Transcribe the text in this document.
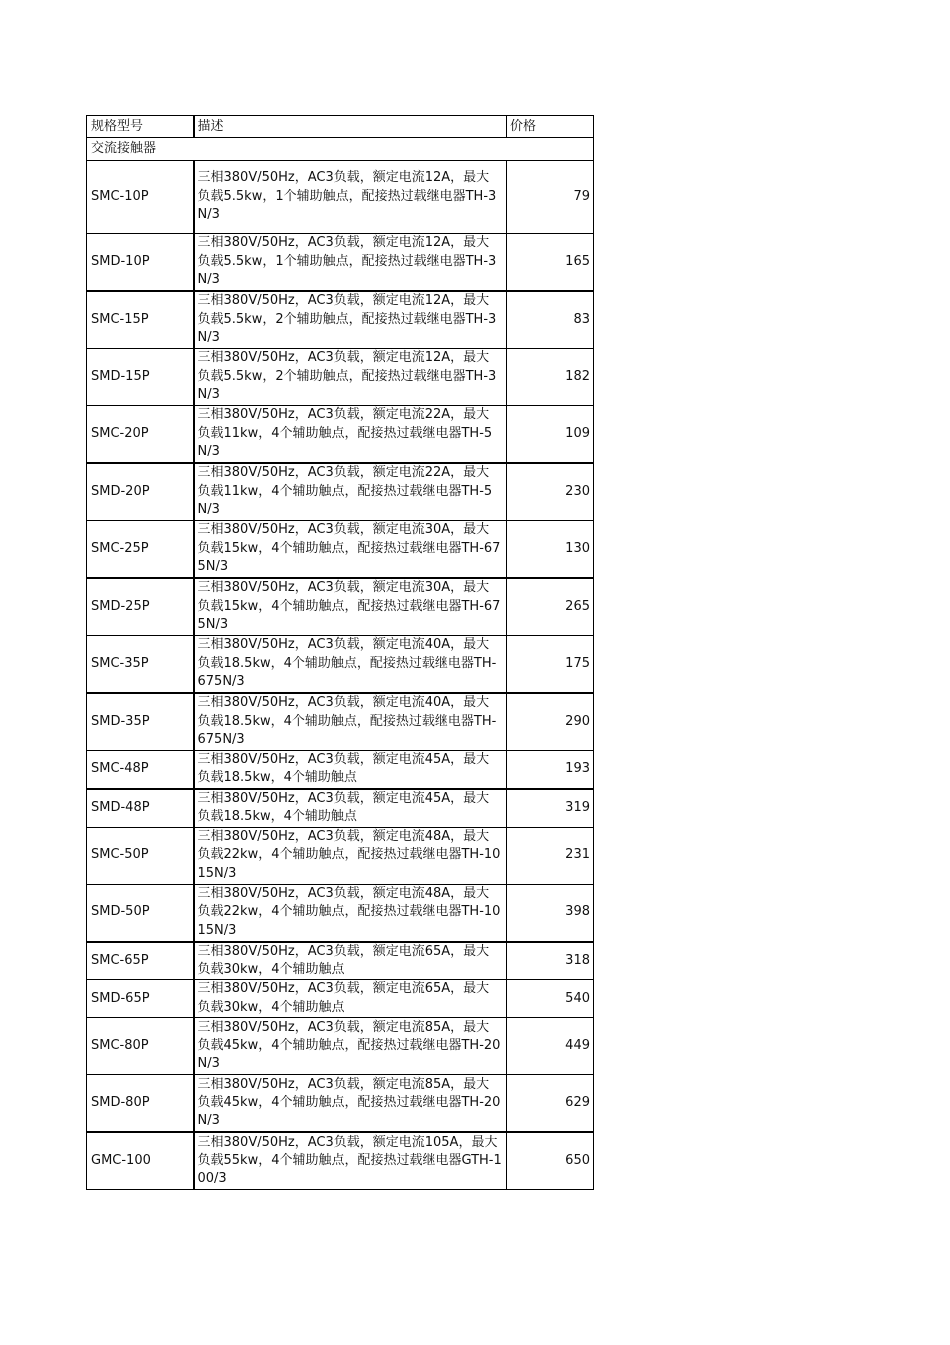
规格型号	描述	价格
交流接触器		
SMC-10P	三相380V/50Hz，AC3负载，额定电流12A，最大负载5.5kw，1个辅助触点，配接热过载继电器TH-3N/3	79
SMD-10P	三相380V/50Hz，AC3负载，额定电流12A，最大负载5.5kw，1个辅助触点，配接热过载继电器TH-3N/3	165
SMC-15P	三相380V/50Hz，AC3负载，额定电流12A，最大负载5.5kw，2个辅助触点，配接热过载继电器TH-3N/3	83
SMD-15P	三相380V/50Hz，AC3负载，额定电流12A，最大负载5.5kw，2个辅助触点，配接热过载继电器TH-3N/3	182
SMC-20P	三相380V/50Hz，AC3负载，额定电流22A，最大负载11kw，4个辅助触点，配接热过载继电器TH-5N/3	109
SMD-20P	三相380V/50Hz，AC3负载，额定电流22A，最大负载11kw，4个辅助触点，配接热过载继电器TH-5N/3	230
SMC-25P	三相380V/50Hz，AC3负载，额定电流30A，最大负载15kw，4个辅助触点，配接热过载继电器TH-675N/3	130
SMD-25P	三相380V/50Hz，AC3负载，额定电流30A，最大负载15kw，4个辅助触点，配接热过载继电器TH-675N/3	265
SMC-35P	三相380V/50Hz，AC3负载，额定电流40A，最大负载18.5kw，4个辅助触点，配接热过载继电器TH-675N/3	175
SMD-35P	三相380V/50Hz，AC3负载，额定电流40A，最大负载18.5kw，4个辅助触点，配接热过载继电器TH-675N/3	290
SMC-48P	三相380V/50Hz，AC3负载，额定电流45A，最大负载18.5kw，4个辅助触点	193
SMD-48P	三相380V/50Hz，AC3负载，额定电流45A，最大负载18.5kw，4个辅助触点	319
SMC-50P	三相380V/50Hz，AC3负载，额定电流48A，最大负载22kw，4个辅助触点，配接热过载继电器TH-1015N/3	231
SMD-50P	三相380V/50Hz，AC3负载，额定电流48A，最大负载22kw，4个辅助触点，配接热过载继电器TH-1015N/3	398
SMC-65P	三相380V/50Hz，AC3负载，额定电流65A，最大负载30kw，4个辅助触点	318
SMD-65P	三相380V/50Hz，AC3负载，额定电流65A，最大负载30kw，4个辅助触点	540
SMC-80P	三相380V/50Hz，AC3负载，额定电流85A，最大负载45kw，4个辅助触点，配接热过载继电器TH-20N/3	449
SMD-80P	三相380V/50Hz，AC3负载，额定电流85A，最大负载45kw，4个辅助触点，配接热过载继电器TH-20N/3	629
GMC-100	三相380V/50Hz，AC3负载，额定电流105A，最大负载55kw，4个辅助触点，配接热过载继电器GTH-100/3	650
